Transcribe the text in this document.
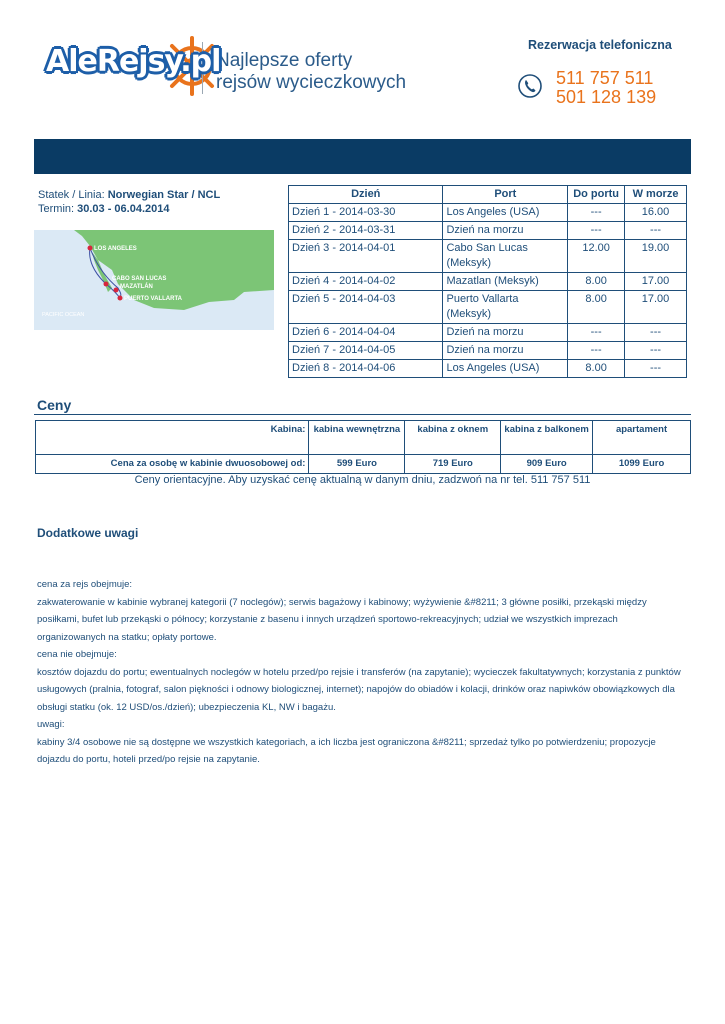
AleRejsy.pl
Najlepsze oferty
rejsów wycieczkowych
Rezerwacja telefoniczna
511 757 511
501 128 139
Statek / Linia: Norwegian Star / NCL
Termin: 30.03 - 06.04.2014
LOS ANGELES
CABO SAN LUCAS
MAZATLÁN
PUERTO VALLARTA
PACIFIC OCEAN
Dzień	Port	Do portu	W morze
Dzień 1 - 2014-03-30	Los Angeles (USA)	---	16.00
Dzień 2 - 2014-03-31	Dzień na morzu	---	---
Dzień 3 - 2014-04-01	Cabo San Lucas (Meksyk)	12.00	19.00
Dzień 4 - 2014-04-02	Mazatlan (Meksyk)	8.00	17.00
Dzień 5 - 2014-04-03	Puerto Vallarta (Meksyk)	8.00	17.00
Dzień 6 - 2014-04-04	Dzień na morzu	---	---
Dzień 7 - 2014-04-05	Dzień na morzu	---	---
Dzień 8 - 2014-04-06	Los Angeles (USA)	8.00	---
Ceny
Kabina:	kabina wewnętrzna	kabina z oknem	kabina z balkonem	apartament
Cena za osobę w kabinie dwuosobowej od:	599 Euro	719 Euro	909 Euro	1099 Euro
Ceny orientacyjne. Aby uzyskać cenę aktualną w danym dniu, zadzwoń na nr tel. 511 757 511
Dodatkowe uwagi

cena za rejs obejmuje:

zakwaterowanie w kabinie wybranej kategorii (7 noclegów); serwis bagażowy i kabinowy; wyżywienie &#8211; 3 główne posiłki, przekąski między posiłkami, bufet lub przekąski o północy; korzystanie z basenu i innych urządzeń sportowo-rekreacyjnych; udział we wszystkich imprezach organizowanych na statku; opłaty portowe.

cena nie obejmuje:

kosztów dojazdu do portu; ewentualnych noclegów w hotelu przed/po rejsie i transferów (na zapytanie); wycieczek fakultatywnych; korzystania z punktów usługowych (pralnia, fotograf, salon piękności i odnowy biologicznej, internet); napojów do obiadów i kolacji, drinków oraz napiwków obowiązkowych dla obsługi statku (ok. 12 USD/os./dzień); ubezpieczenia KL, NW i bagażu.

uwagi:

kabiny 3/4 osobowe nie są dostępne we wszystkich kategoriach, a ich liczba jest ograniczona &#8211; sprzedaż tylko po potwierdzeniu; propozycje dojazdu do portu, hoteli przed/po rejsie na zapytanie.
